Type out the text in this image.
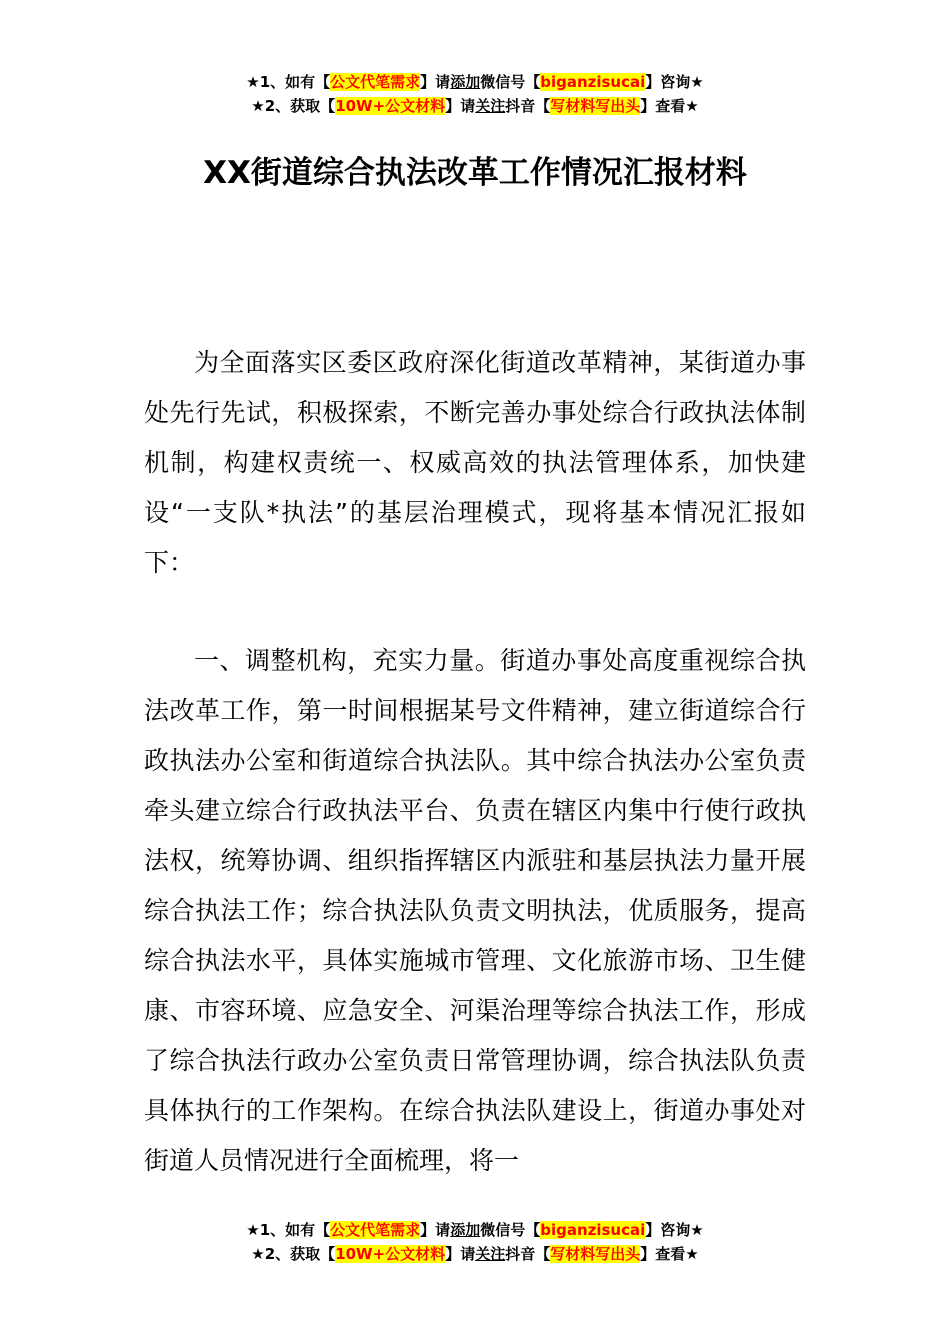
★1、如有【公文代笔需求】请添加微信号【biganzisucai】咨询★
★2、获取【10W+公文材料】请关注抖音【写材料写出头】查看★
XX街道综合执法改革工作情况汇报材料

为全面落实区委区政府深化街道改革精神，某街道办事处先行先试，积极探索，不断完善办事处综合行政执法体制机制，构建权责统一、权威高效的执法管理体系，加快建设“一支队*执法”的基层治理模式，现将基本情况汇报如下：

一、调整机构，充实力量。街道办事处高度重视综合执法改革工作，第一时间根据某号文件精神，建立街道综合行政执法办公室和街道综合执法队。其中综合执法办公室负责牵头建立综合行政执法平台、负责在辖区内集中行使行政执法权，统筹协调、组织指挥辖区内派驻和基层执法力量开展综合执法工作；综合执法队负责文明执法，优质服务，提高综合执法水平，具体实施城市管理、文化旅游市场、卫生健康、市容环境、应急安全、河渠治理等综合执法工作，形成了综合执法行政办公室负责日常管理协调，综合执法队负责具体执行的工作架构。在综合执法队建设上，街道办事处对街道人员情况进行全面梳理，将一

★1、如有【公文代笔需求】请添加微信号【biganzisucai】咨询★
★2、获取【10W+公文材料】请关注抖音【写材料写出头】查看★
